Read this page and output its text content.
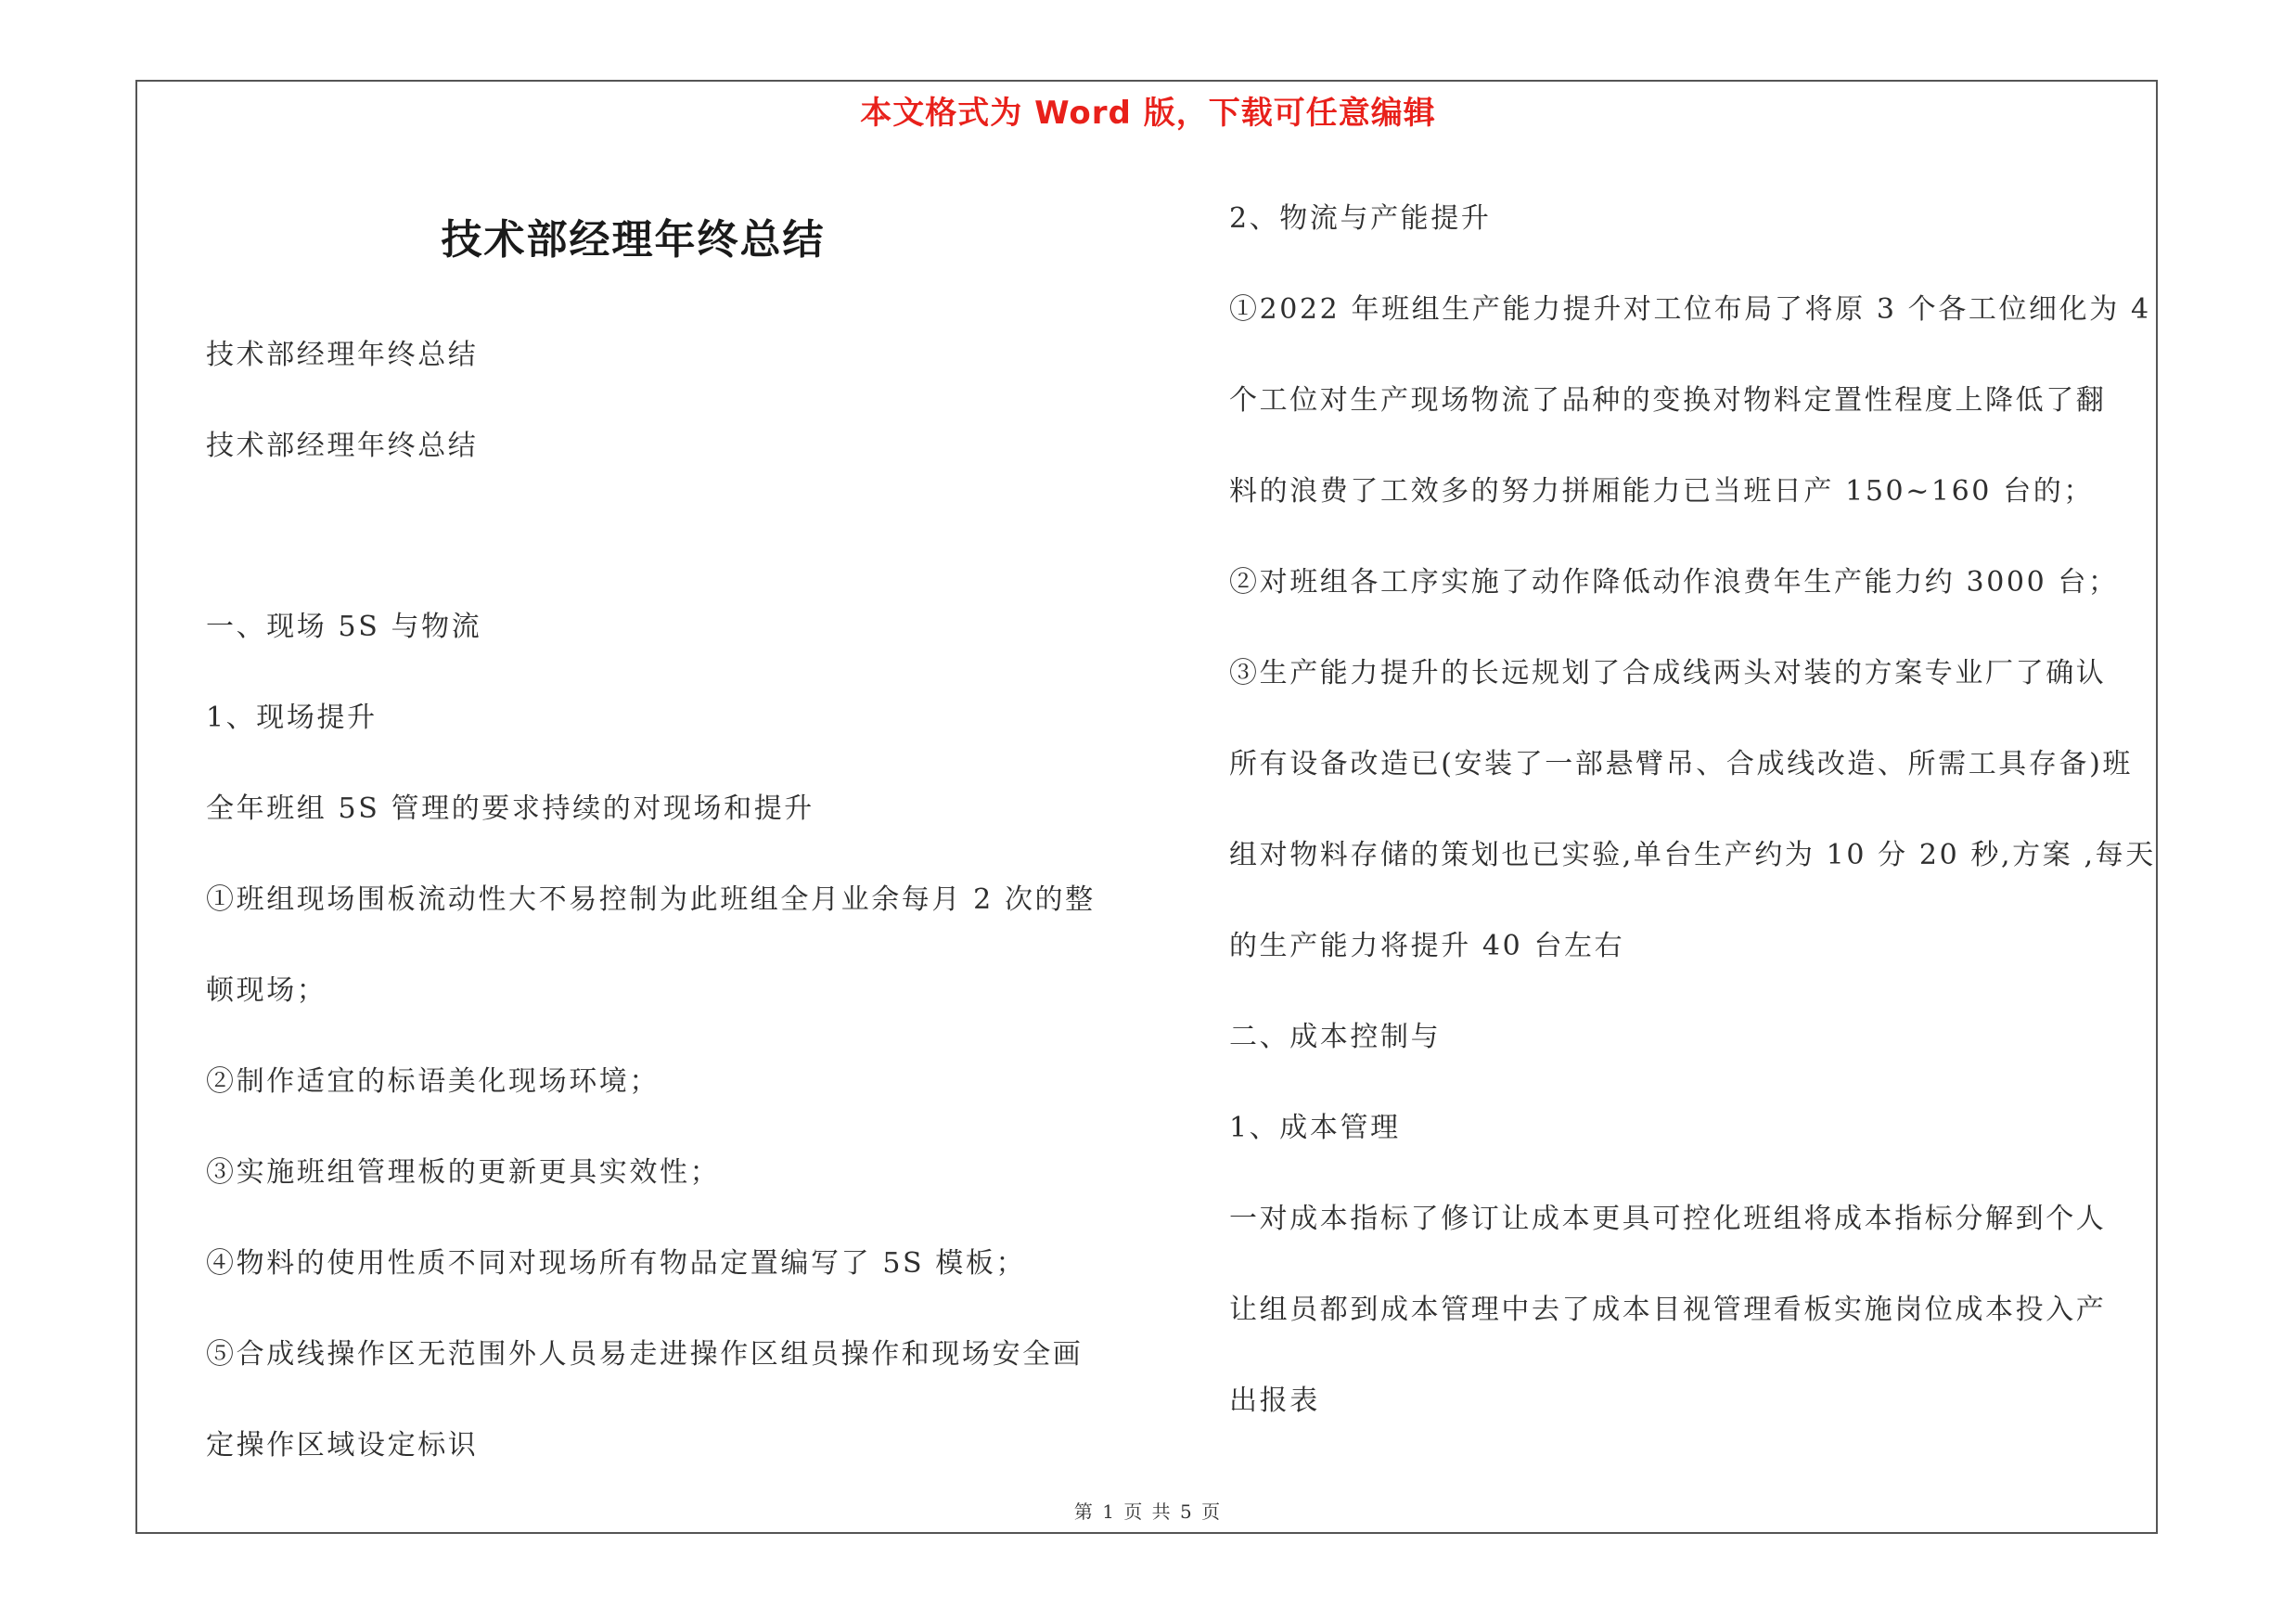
本文格式为 Word 版，下载可任意编辑
技术部经理年终总结
技术部经理年终总结
技术部经理年终总结
一、现场 5S 与物流
1、现场提升
全年班组 5S 管理的要求持续的对现场和提升
①班组现场围板流动性大不易控制为此班组全月业余每月 2 次的整
顿现场；
②制作适宜的标语美化现场环境；
③实施班组管理板的更新更具实效性；
④物料的使用性质不同对现场所有物品定置编写了 5S 模板；
⑤合成线操作区无范围外人员易走进操作区组员操作和现场安全画
定操作区域设定标识
2、物流与产能提升
①2022 年班组生产能力提升对工位布局了将原 3 个各工位细化为 4
个工位对生产现场物流了品种的变换对物料定置性程度上降低了翻
料的浪费了工效多的努力拼厢能力已当班日产 150~160 台的；
②对班组各工序实施了动作降低动作浪费年生产能力约 3000 台；
③生产能力提升的长远规划了合成线两头对装的方案专业厂了确认
所有设备改造已(安装了一部悬臂吊、合成线改造、所需工具存备)班
组对物料存储的策划也已实验,单台生产约为 10 分 20 秒,方案 ,每天
的生产能力将提升 40 台左右
二、成本控制与
1、成本管理
一对成本指标了修订让成本更具可控化班组将成本指标分解到个人
让组员都到成本管理中去了成本目视管理看板实施岗位成本投入产
出报表
第 1 页 共 5 页
